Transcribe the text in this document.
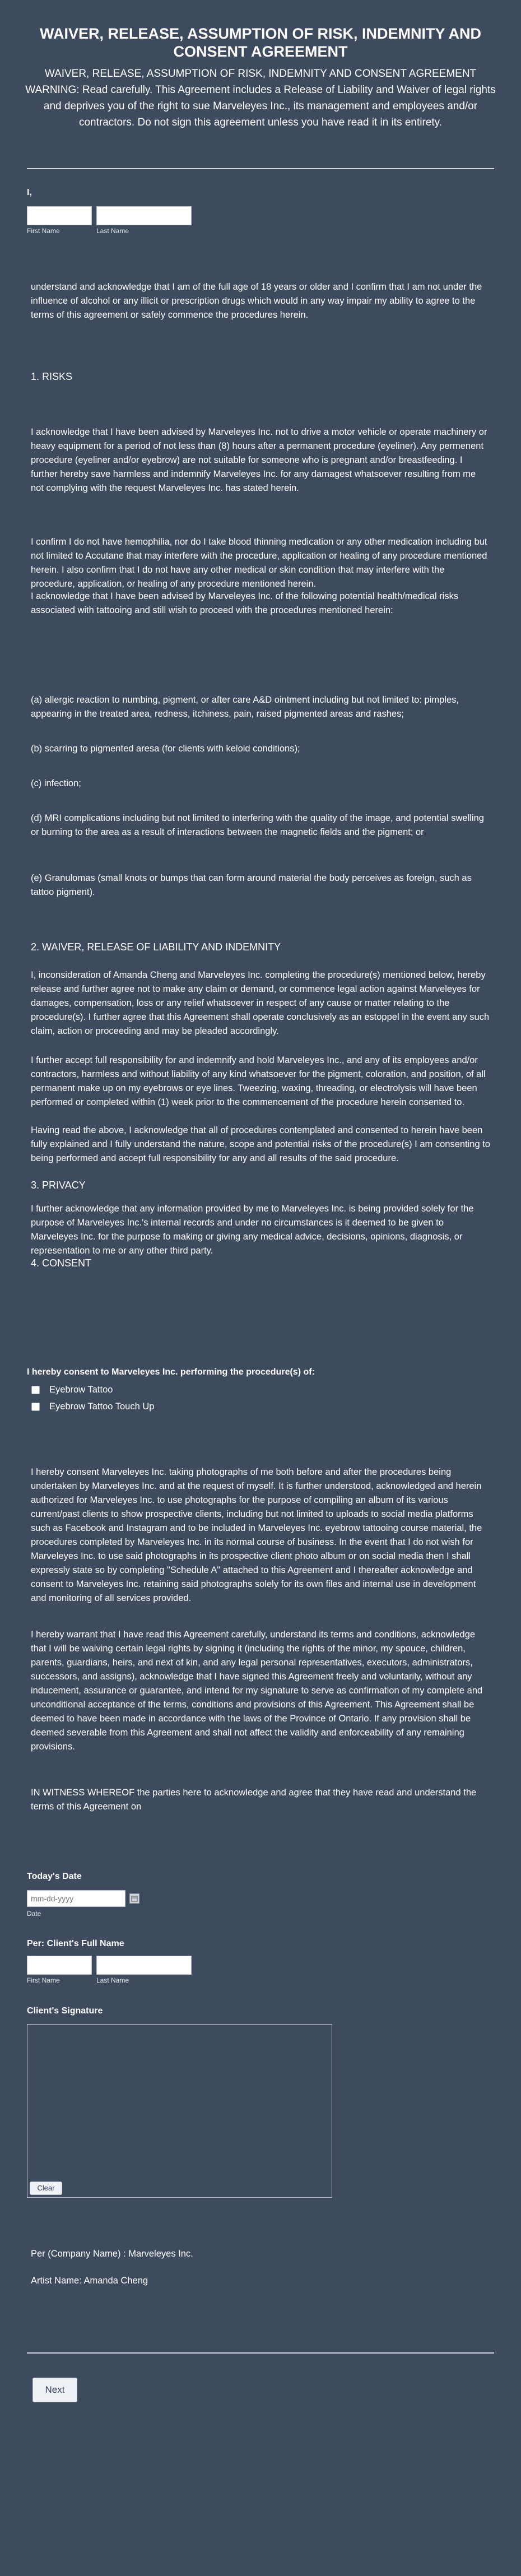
WAIVER, RELEASE, ASSUMPTION OF RISK, INDEMNITY AND CONSENT AGREEMENT
WAIVER, RELEASE, ASSUMPTION OF RISK, INDEMNITY AND CONSENT AGREEMENT WARNING: Read carefully. This Agreement includes a Release of Liability and Waiver of legal rights and deprives you of the right to sue Marveleyes Inc., its management and employees and/or contractors. Do not sign this agreement unless you have read it in its entirety.
I,
First Name	Last Name
understand and acknowledge that I am of the full age of 18 years or older and I confirm that I am not under the influence of alcohol or any illicit or prescription drugs which would in any way impair my ability to agree to the terms of this agreement or safely commence the procedures herein.
1. RISKS
I acknowledge that I have been advised by Marveleyes Inc. not to drive a motor vehicle or operate machinery or heavy equipment for a period of not less than (8) hours after a permanent procedure (eyeliner). Any permenent procedure (eyeliner and/or eyebrow) are not suitable for someone who is pregnant and/or breastfeeding. I further hereby save harmless and indemnify Marveleyes Inc. for any damagest whatsoever resulting from me not complying with the request Marveleyes Inc. has stated herein.
I confirm I do not have hemophilia, nor do I take blood thinning medication or any other medication including but not limited to Accutane that may interfere with the procedure, application or healing of any procedure mentioned herein. I also confirm that I do not have any other medical or skin condition that may interfere with the procedure, application, or healing of any procedure mentioned herein.
I acknowledge that I have been advised by Marveleyes Inc. of the following potential health/medical risks associated with tattooing and still wish to proceed with the procedures mentioned herein:
(a) allergic reaction to numbing, pigment, or after care A&D ointment including but not limited to: pimples, appearing in the treated area, redness, itchiness, pain, raised pigmented areas and rashes;
(b) scarring to pigmented aresa (for clients with keloid conditions);
(c) infection;
(d) MRI complications including but not limited to interfering with the quality of the image, and potential swelling or burning to the area as a result of interactions between the magnetic fields and the pigment; or
(e) Granulomas (small knots or bumps that can form around material the body perceives as foreign, such as tattoo pigment).
2. WAIVER, RELEASE OF LIABILITY AND INDEMNITY
I, inconsideration of Amanda Cheng and Marveleyes Inc. completing the procedure(s) mentioned below, hereby release and further agree not to make any claim or demand, or commence legal action against Marveleyes for damages, compensation, loss or any relief whatsoever in respect of any cause or matter relating to the procedure(s). I further agree that this Agreement shall operate conclusively as an estoppel in the event any such claim, action or proceeding and may be pleaded accordingly.
I further accept full responsibility for and indemnify and hold Marveleyes Inc., and any of its employees and/or contractors, harmless and without liability of any kind whatsoever for the pigment, coloration, and position, of all permanent make up on my eyebrows or eye lines. Tweezing, waxing, threading, or electrolysis will have been performed or completed within (1) week prior to the commencement of the procedure herein consented to.
Having read the above, I acknowledge that all of procedures contemplated and consented to herein have been fully explained and I fully understand the nature, scope and potential risks of the procedure(s) I am consenting to being performed and accept full responsibility for any and all results of the said procedure.
3. PRIVACY
I further acknowledge that any information provided by me to Marveleyes Inc. is being provided solely for the purpose of Marveleyes Inc.'s internal records and under no circumstances is it deemed to be given to Marveleyes Inc. for the purpose fo making or giving any medical advice, decisions, opinions, diagnosis, or representation to me or any other third party.
4. CONSENT
I hereby consent to Marveleyes Inc. performing the procedure(s) of:
Eyebrow Tattoo
Eyebrow Tattoo Touch Up
I hereby consent Marveleyes Inc. taking photographs of me both before and after the procedures being undertaken by Marveleyes Inc. and at the request of myself. It is further understood, acknowledged and herein authorized for Marveleyes Inc. to use photographs for the purpose of compiling an album of its various current/past clients to show prospective clients, including but not limited to uploads to social media platforms such as Facebook and Instagram and to be included in Marveleyes Inc. eyebrow tattooing course material, the procedures completed by Marveleyes Inc. in its normal course of business. In the event that I do not wish for Marveleyes Inc. to use said photographs in its prospective client photo album or on social media then I shall expressly state so by completing "Schedule A" attached to this Agreement and I thereafter acknowledge and consent to Marveleyes Inc. retaining said photographs solely for its own files and internal use in development and monitoring of all services provided.
I hereby warrant that I have read this Agreement carefully, understand its terms and conditions, acknowledge that I will be waiving certain legal rights by signing it (including the rights of the minor, my spouce, children, parents, guardians, heirs, and next of kin, and any legal personal representatives, executors, administrators, successors, and assigns), acknowledge that I have signed this Agreement freely and voluntarily, without any inducement, assurance or guarantee, and intend for my signature to serve as confirmation of my complete and unconditional acceptance of the terms, conditions and provisions of this Agreement. This Agreement shall be deemed to have been made in accordance with the laws of the Province of Ontario. If any provision shall be deemed severable from this Agreement and shall not affect the validity and enforceability of any remaining provisions.
IN WITNESS WHEREOF the parties here to acknowledge and agree that they have read and understand the terms of this Agreement on
Today's Date
mm-dd-yyyy
Date
Per: Client's Full Name
First Name	Last Name
Client's Signature
Clear
Per (Company Name) : Marveleyes Inc.
Artist Name: Amanda Cheng
Next
